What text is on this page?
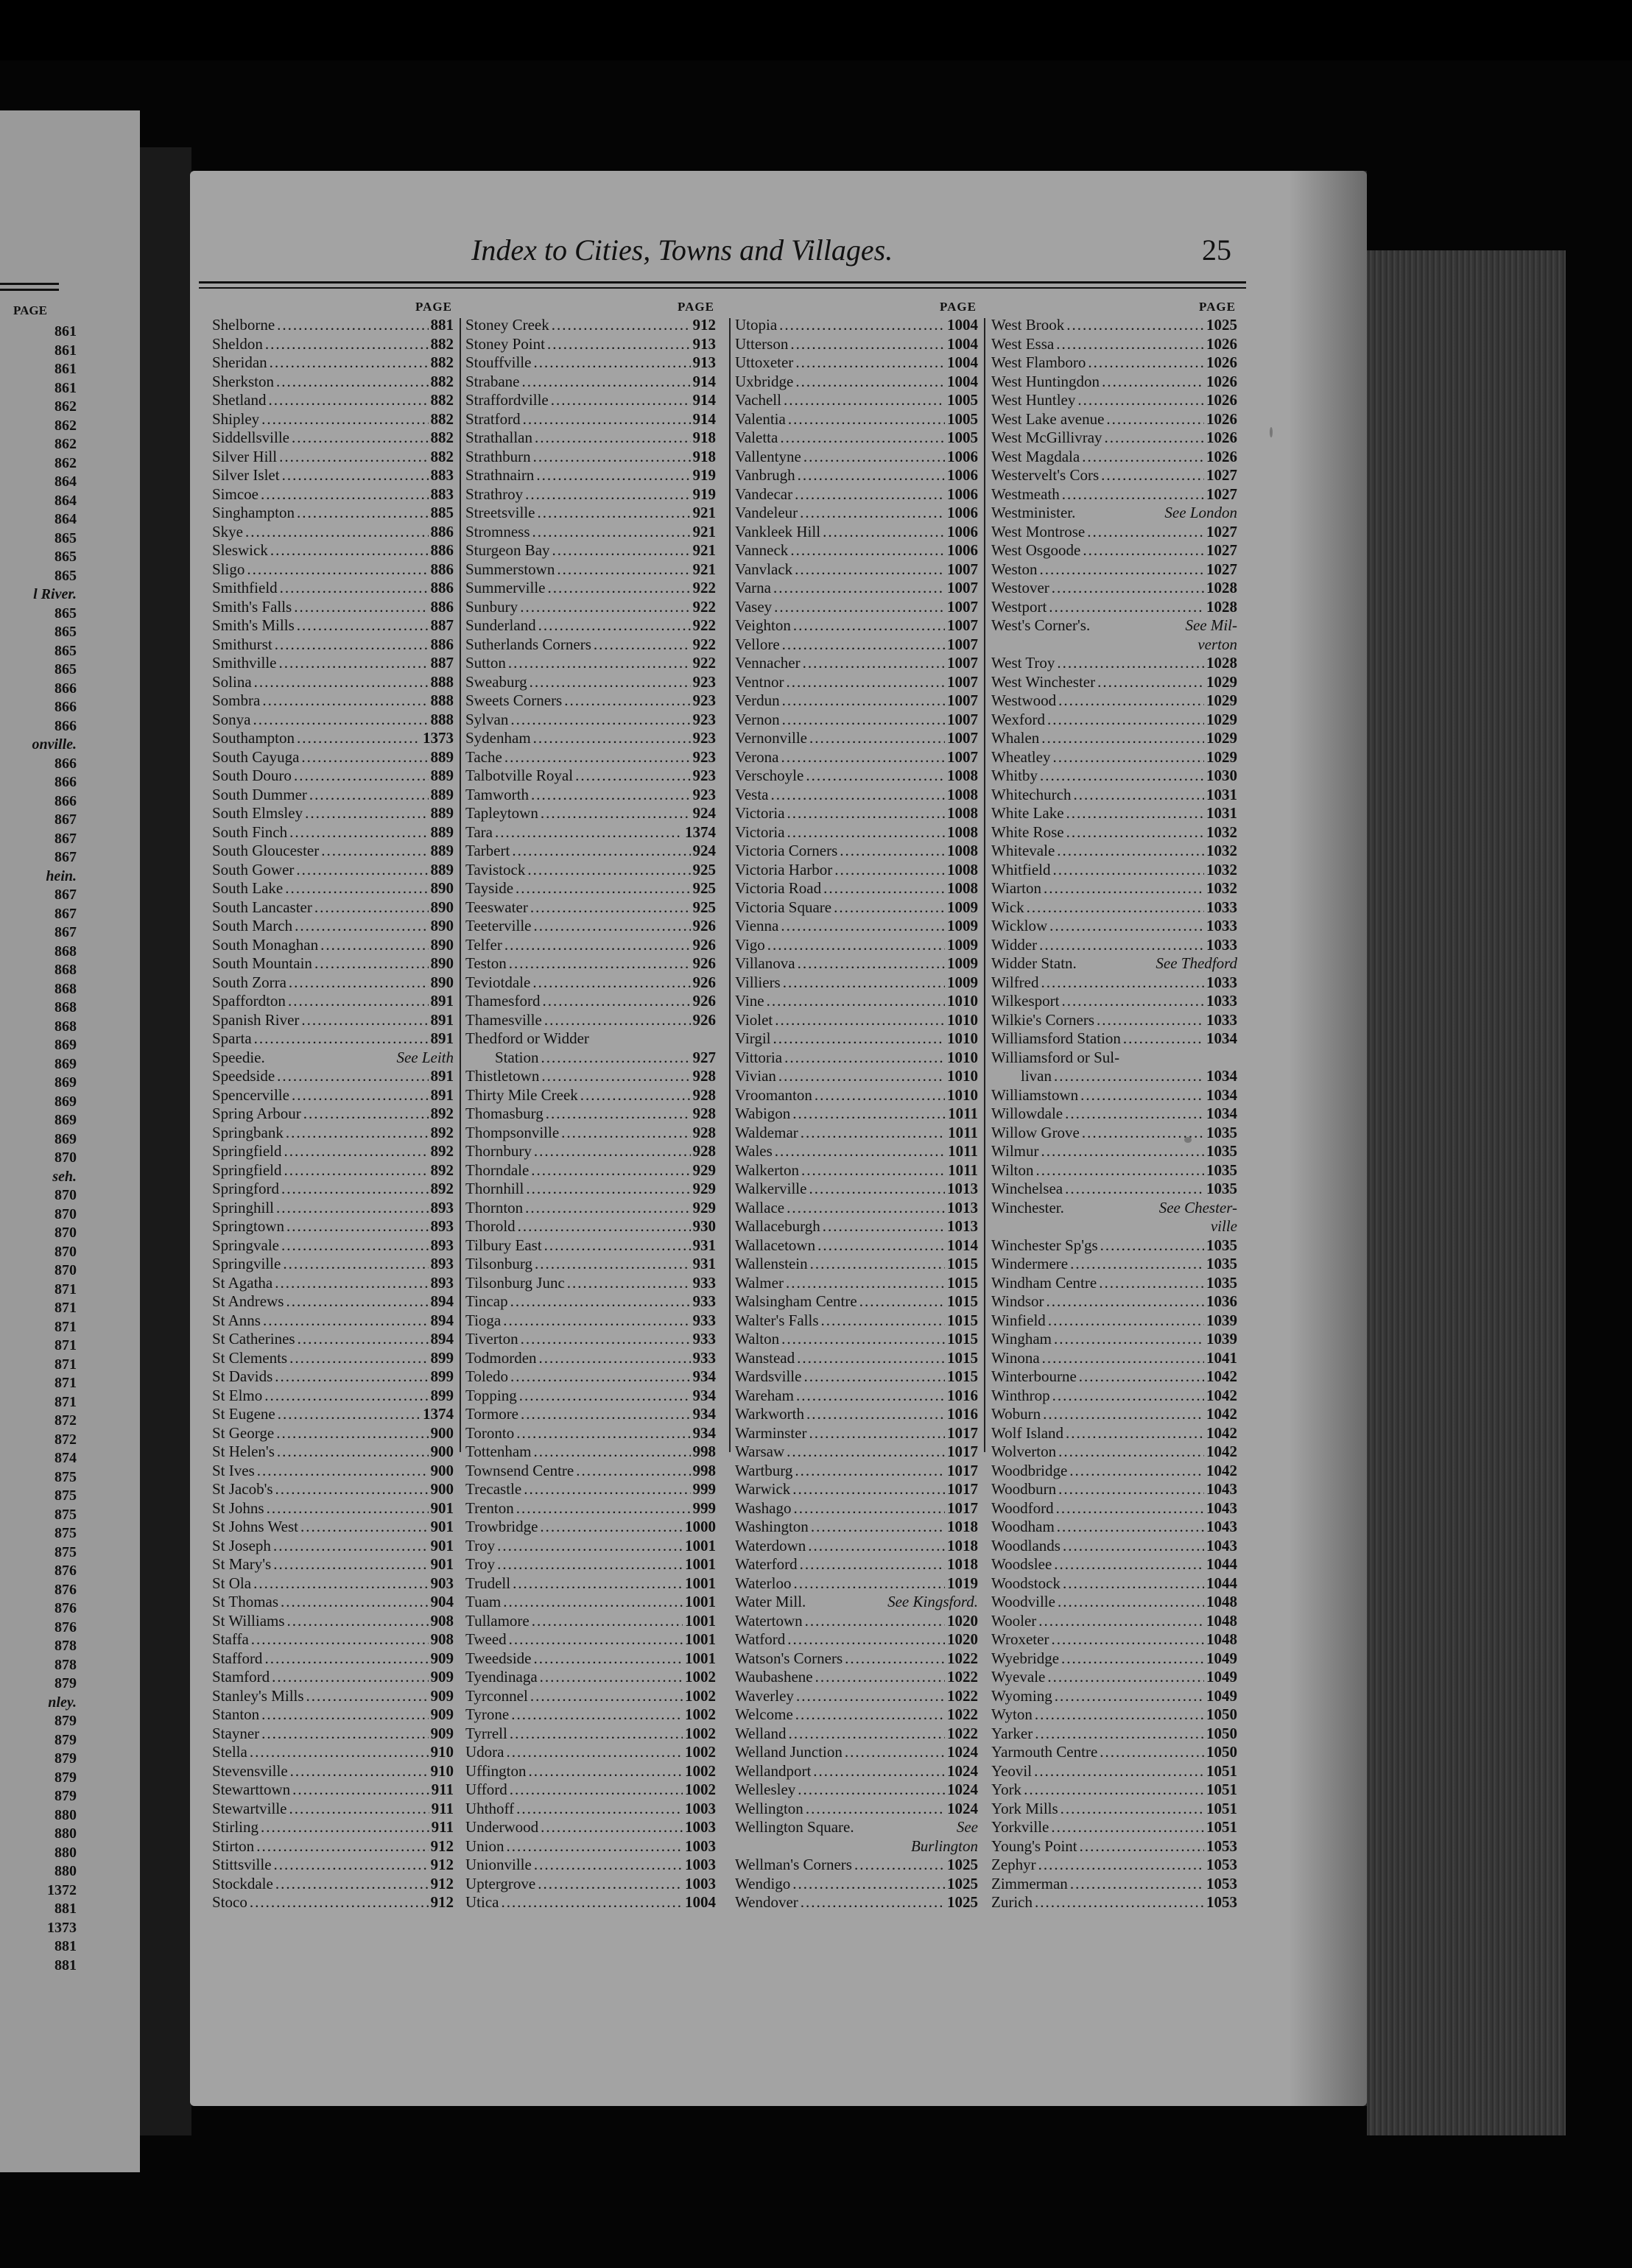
PAGE
861
861
861
861
862
862
862
862
864
864
864
865
865
865
l River.
865
865
865
865
866
866
866
onville.
866
866
866
867
867
867
hein.
867
867
867
868
868
868
868
868
869
869
869
869
869
869
870
seh.
870
870
870
870
870
871
871
871
871
871
871
871
872
872
874
875
875
875
875
875
876
876
876
876
878
878
879
nley.
879
879
879
879
879
880
880
880
880
1372
881
1373
881
881
Index to Cities, Towns and Villages.	25
PAGE
Shelborne .....	881
Sheldon .....	882
Sheridan .....	882
Sherkston .....	882
Shetland .....	882
Shipley .....	882
Siddellsville .....	882
Silver Hill .....	882
Silver Islet .....	883
Simcoe .....	883
Singhampton .....	885
Skye .....	886
Sleswick .....	886
Sligo .....	886
Smithfield .....	886
Smith's Falls .....	886
Smith's Mills .....	887
Smithurst .....	886
Smithville .....	887
Solina .....	888
Sombra .....	888
Sonya .....	888
Southampton .....	1373
South Cayuga .....	889
South Douro .....	889
South Dummer .....	889
South Elmsley .....	889
South Finch .....	889
South Gloucester .....	889
South Gower .....	889
South Lake .....	890
South Lancaster .....	890
South March .....	890
South Monaghan .....	890
South Mountain .....	890
South Zorra .....	890
Spaffordton .....	891
Spanish River .....	891
Sparta .....	891
Speedie.	See Leith
Speedside .....	891
Spencerville .....	891
Spring Arbour .....	892
Springbank .....	892
Springfield .....	892
Springfield .....	892
Springford .....	892
Springhill .....	893
Springtown .....	893
Springvale .....	893
Springville .....	893
St Agatha .....	893
St Andrews .....	894
St Anns .....	894
St Catherines .....	894
St Clements .....	899
St Davids .....	899
St Elmo .....	899
St Eugene .....	1374
St George .....	900
St Helen's .....	900
St Ives .....	900
St Jacob's .....	900
St Johns .....	901
St Johns West .....	901
St Joseph .....	901
St Mary's .....	901
St Ola .....	903
St Thomas .....	904
St Williams .....	908
Staffa .....	908
Stafford .....	909
Stamford .....	909
Stanley's Mills .....	909
Stanton .....	909
Stayner .....	909
Stella .....	910
Stevensville .....	910
Stewarttown .....	911
Stewartville .....	911
Stirling .....	911
Stirton .....	912
Stittsville .....	912
Stockdale .....	912
Stoco .....	912
PAGE
Stoney Creek .....	912
Stoney Point .....	913
Stouffville .....	913
Strabane .....	914
Straffordville .....	914
Stratford .....	914
Strathallan .....	918
Strathburn .....	918
Strathnairn .....	919
Strathroy .....	919
Streetsville .....	921
Stromness .....	921
Sturgeon Bay .....	921
Summerstown .....	921
Summerville .....	922
Sunbury .....	922
Sunderland .....	922
Sutherlands Corners .....	922
Sutton .....	922
Sweaburg .....	923
Sweets Corners .....	923
Sylvan .....	923
Sydenham .....	923
Tache .....	923
Talbotville Royal .....	923
Tamworth .....	923
Tapleytown .....	924
Tara .....	1374
Tarbert .....	924
Tavistock .....	925
Tayside .....	925
Teeswater .....	925
Teeterville .....	926
Telfer .....	926
Teston .....	926
Teviotdale .....	926
Thamesford .....	926
Thamesville .....	926
Thedford or Widder
Station .....	927
Thistletown .....	928
Thirty Mile Creek .....	928
Thomasburg .....	928
Thompsonville .....	928
Thornbury .....	928
Thorndale .....	929
Thornhill .....	929
Thornton .....	929
Thorold .....	930
Tilbury East .....	931
Tilsonburg .....	931
Tilsonburg Junc .....	933
Tincap .....	933
Tioga .....	933
Tiverton .....	933
Todmorden .....	933
Toledo .....	934
Topping .....	934
Tormore .....	934
Toronto .....	934
Tottenham .....	998
Townsend Centre .....	998
Trecastle .....	999
Trenton .....	999
Trowbridge .....	1000
Troy .....	1001
Troy .....	1001
Trudell .....	1001
Tuam .....	1001
Tullamore .....	1001
Tweed .....	1001
Tweedside .....	1001
Tyendinaga .....	1002
Tyrconnel .....	1002
Tyrone .....	1002
Tyrrell .....	1002
Udora .....	1002
Uffington .....	1002
Ufford .....	1002
Uhthoff .....	1003
Underwood .....	1003
Union .....	1003
Unionville .....	1003
Uptergrove .....	1003
Utica .....	1004
PAGE
Utopia .....	1004
Utterson .....	1004
Uttoxeter .....	1004
Uxbridge .....	1004
Vachell .....	1005
Valentia .....	1005
Valetta .....	1005
Vallentyne .....	1006
Vanbrugh .....	1006
Vandecar .....	1006
Vandeleur .....	1006
Vankleek Hill .....	1006
Vanneck .....	1006
Vanvlack .....	1007
Varna .....	1007
Vasey .....	1007
Veighton .....	1007
Vellore .....	1007
Vennacher .....	1007
Ventnor .....	1007
Verdun .....	1007
Vernon .....	1007
Vernonville .....	1007
Verona .....	1007
Verschoyle .....	1008
Vesta .....	1008
Victoria .....	1008
Victoria .....	1008
Victoria Corners .....	1008
Victoria Harbor .....	1008
Victoria Road .....	1008
Victoria Square .....	1009
Vienna .....	1009
Vigo .....	1009
Villanova .....	1009
Villiers .....	1009
Vine .....	1010
Violet .....	1010
Virgil .....	1010
Vittoria .....	1010
Vivian .....	1010
Vroomanton .....	1010
Wabigon .....	1011
Waldemar .....	1011
Wales .....	1011
Walkerton .....	1011
Walkerville .....	1013
Wallace .....	1013
Wallaceburgh .....	1013
Wallacetown .....	1014
Wallenstein .....	1015
Walmer .....	1015
Walsingham Centre .....	1015
Walter's Falls .....	1015
Walton .....	1015
Wanstead .....	1015
Wardsville .....	1015
Wareham .....	1016
Warkworth .....	1016
Warminster .....	1017
Warsaw .....	1017
Wartburg .....	1017
Warwick .....	1017
Washago .....	1017
Washington .....	1018
Waterdown .....	1018
Waterford .....	1018
Waterloo .....	1019
Water Mill.	See Kingsford.
Watertown .....	1020
Watford .....	1020
Watson's Corners .....	1022
Waubashene .....	1022
Waverley .....	1022
Welcome .....	1022
Welland .....	1022
Welland Junction .....	1024
Wellandport .....	1024
Wellesley .....	1024
Wellington .....	1024
Wellington Square.	See
Burlington
Wellman's Corners .....	1025
Wendigo .....	1025
Wendover .....	1025
PAGE
West Brook .....	1025
West Essa .....	1026
West Flamboro .....	1026
West Huntingdon .....	1026
West Huntley .....	1026
West Lake avenue .....	1026
West McGillivray .....	1026
West Magdala .....	1026
Westervelt's Cors .....	1027
Westmeath .....	1027
Westminister.	See London
West Montrose .....	1027
West Osgoode .....	1027
Weston .....	1027
Westover .....	1028
Westport .....	1028
West's Corner's.	See Mil-
verton
West Troy .....	1028
West Winchester .....	1029
Westwood .....	1029
Wexford .....	1029
Whalen .....	1029
Wheatley .....	1029
Whitby .....	1030
Whitechurch .....	1031
White Lake .....	1031
White Rose .....	1032
Whitevale .....	1032
Whitfield .....	1032
Wiarton .....	1032
Wick .....	1033
Wicklow .....	1033
Widder .....	1033
Widder Statn.	See Thedford
Wilfred .....	1033
Wilkesport .....	1033
Wilkie's Corners .....	1033
Williamsford Station .....	1034
Williamsford or Sul-
livan .....	1034
Williamstown .....	1034
Willowdale .....	1034
Willow Grove .....	1035
Wilmur .....	1035
Wilton .....	1035
Winchelsea .....	1035
Winchester.	See Chester-
ville
Winchester Sp'gs .....	1035
Windermere .....	1035
Windham Centre .....	1035
Windsor .....	1036
Winfield .....	1039
Wingham .....	1039
Winona .....	1041
Winterbourne .....	1042
Winthrop .....	1042
Woburn .....	1042
Wolf Island .....	1042
Wolverton .....	1042
Woodbridge .....	1042
Woodburn .....	1043
Woodford .....	1043
Woodham .....	1043
Woodlands .....	1043
Woodslee .....	1044
Woodstock .....	1044
Woodville .....	1048
Wooler .....	1048
Wroxeter .....	1048
Wyebridge .....	1049
Wyevale .....	1049
Wyoming .....	1049
Wyton .....	1050
Yarker .....	1050
Yarmouth Centre .....	1050
Yeovil .....	1051
York .....	1051
York Mills .....	1051
Yorkville .....	1051
Young's Point .....	1053
Zephyr .....	1053
Zimmerman .....	1053
Zurich .....	1053
